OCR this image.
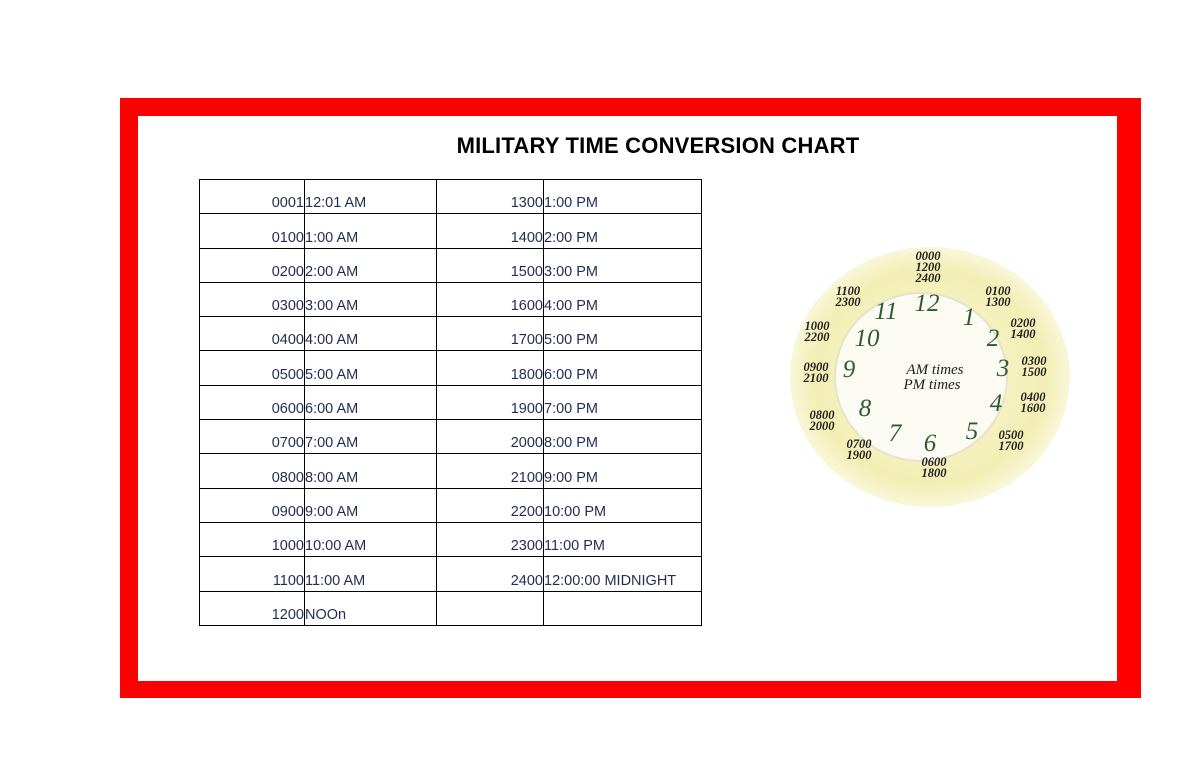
MILITARY TIME CONVERSION CHART
0001	12:01 AM	1300	1:00 PM
0100	1:00 AM	1400	2:00 PM
0200	2:00 AM	1500	3:00 PM
0300	3:00 AM	1600	4:00 PM
0400	4:00 AM	1700	5:00 PM
0500	5:00 AM	1800	6:00 PM
0600	6:00 AM	1900	7:00 PM
0700	7:00 AM	2000	8:00 PM
0800	8:00 AM	2100	9:00 PM
0900	9:00 AM	2200	10:00 PM
1000	10:00 AM	2300	11:00 PM
1100	11:00 AM	2400	12:00:00 MIDNIGHT
1200	NOOn		
AM times
PM times
12
1
2
3
4
5
6
7
8
9
10
11
0000
1200
2400
0100
1300
0200
1400
0300
1500
0400
1600
0500
1700
0600
1800
0700
1900
0800
2000
0900
2100
1000
2200
1100
2300
